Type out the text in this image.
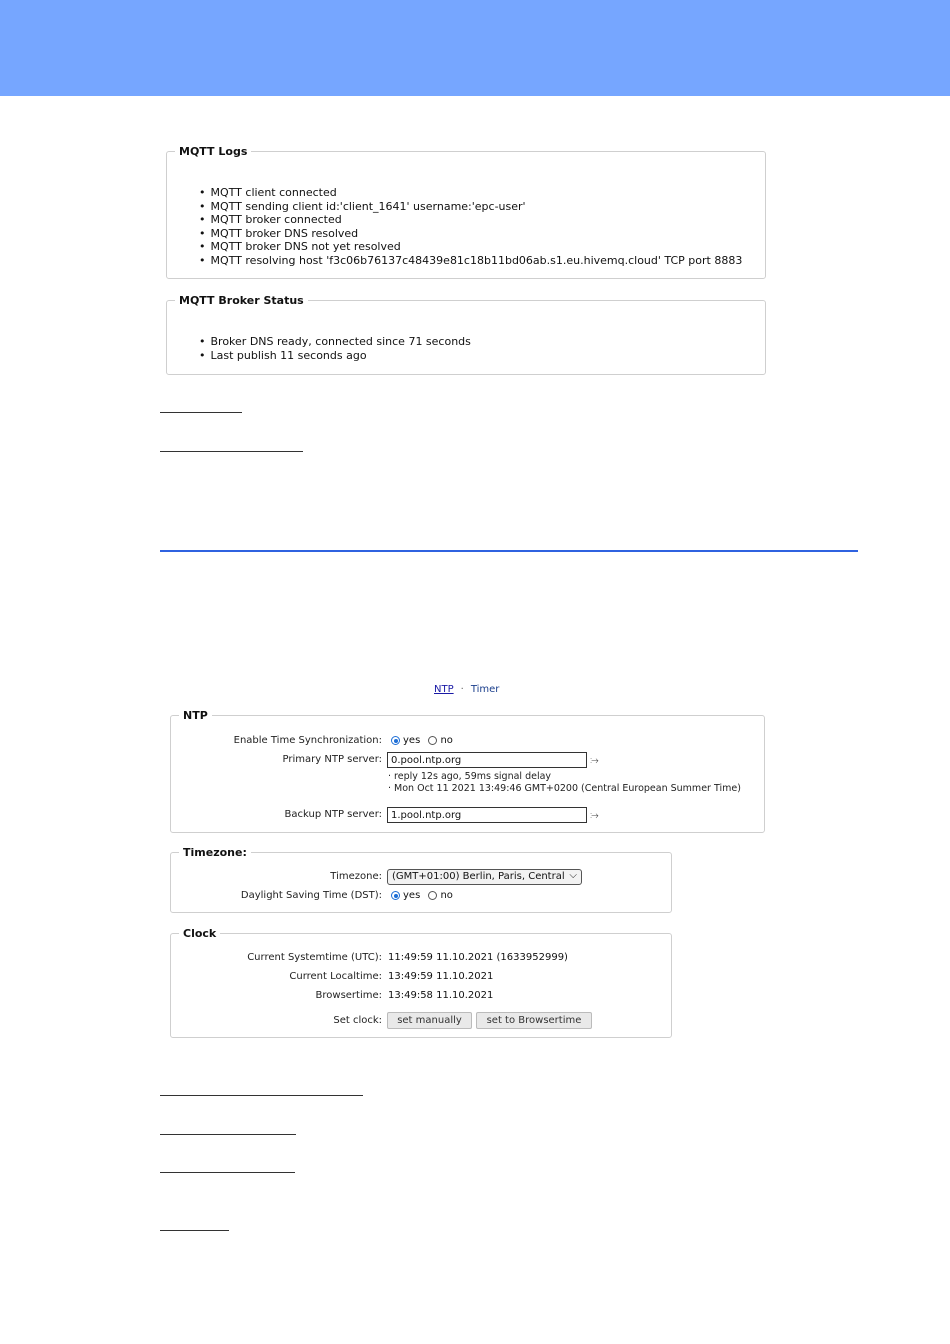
MQTT Logs
• MQTT client connected
• MQTT sending client id:'client_1641' username:'epc-user'
• MQTT broker connected
• MQTT broker DNS resolved
• MQTT broker DNS not yet resolved
• MQTT resolving host 'f3c06b76137c48439e81c18b11bd06ab.s1.eu.hivemq.cloud' TCP port 8883
MQTT Broker Status
• Broker DNS ready, connected since 71 seconds
• Last publish 11 seconds ago
NTP · Timer
NTP
Enable Time Synchronization:	yes no
Primary NTP server:
0.pool.ntp.org	⧴
· reply 12s ago, 59ms signal delay
· Mon Oct 11 2021 13:49:46 GMT+0200 (Central European Summer Time)
Backup NTP server:
1.pool.ntp.org	⧴
Timezone:
Timezone:	(GMT+01:00) Berlin, Paris, Central ⌵
Daylight Saving Time (DST):	yes no
Clock
Current Systemtime (UTC): 11:49:59 11.10.2021 (1633952999)
Current Localtime: 13:49:59 11.10.2021
Browsertime: 13:49:58 11.10.2021
Set clock:	set manually	set to Browsertime
